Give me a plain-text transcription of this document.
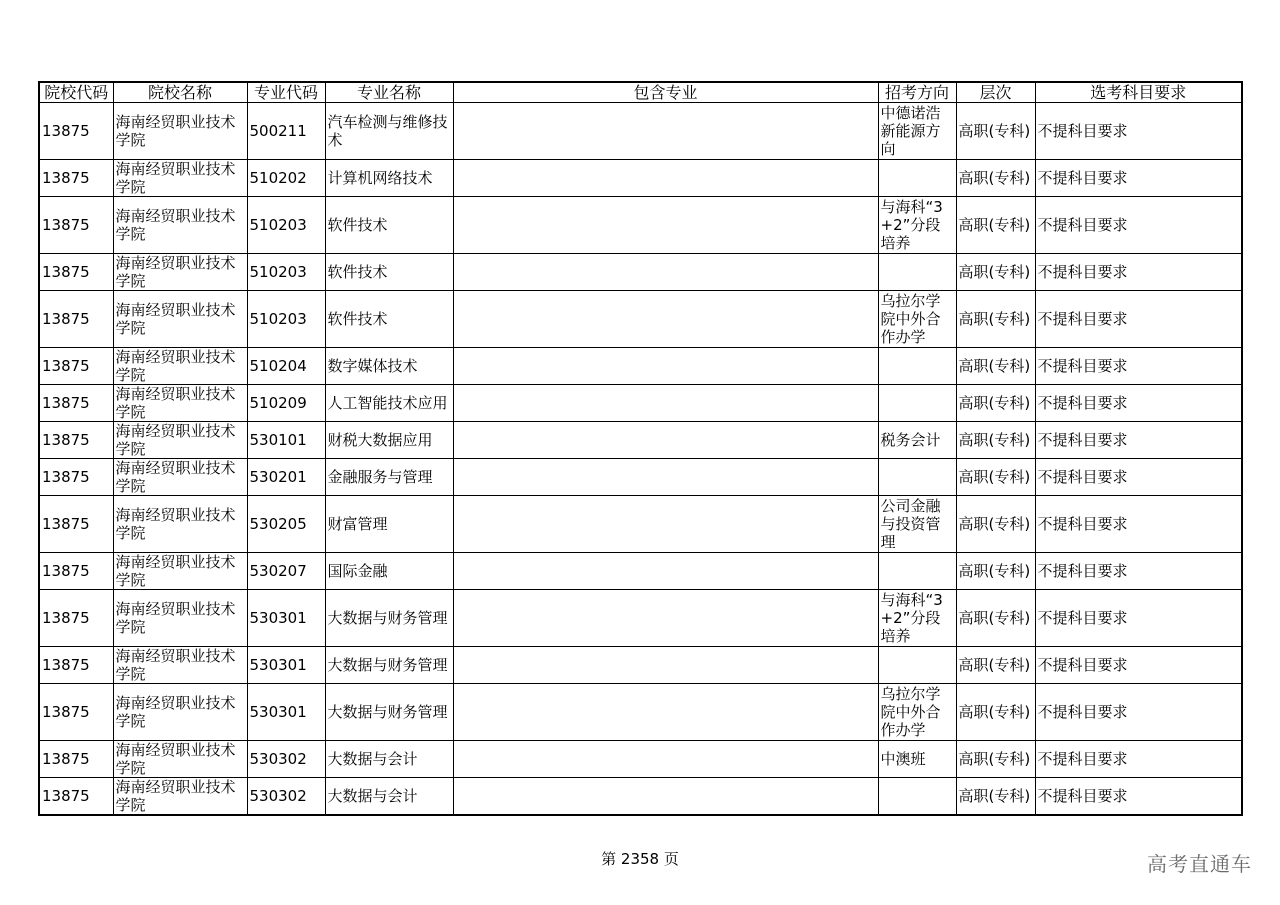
院校代码	院校名称	专业代码	专业名称	包含专业	招考方向	层次	选考科目要求
13875	海南经贸职业技术学院	500211	汽车检测与维修技术		中德诺浩新能源方向	高职(专科)	不提科目要求
13875	海南经贸职业技术学院	510202	计算机网络技术			高职(专科)	不提科目要求
13875	海南经贸职业技术学院	510203	软件技术		与海科“3+2”分段培养	高职(专科)	不提科目要求
13875	海南经贸职业技术学院	510203	软件技术			高职(专科)	不提科目要求
13875	海南经贸职业技术学院	510203	软件技术		乌拉尔学院中外合作办学	高职(专科)	不提科目要求
13875	海南经贸职业技术学院	510204	数字媒体技术			高职(专科)	不提科目要求
13875	海南经贸职业技术学院	510209	人工智能技术应用			高职(专科)	不提科目要求
13875	海南经贸职业技术学院	530101	财税大数据应用		税务会计	高职(专科)	不提科目要求
13875	海南经贸职业技术学院	530201	金融服务与管理			高职(专科)	不提科目要求
13875	海南经贸职业技术学院	530205	财富管理		公司金融与投资管理	高职(专科)	不提科目要求
13875	海南经贸职业技术学院	530207	国际金融			高职(专科)	不提科目要求
13875	海南经贸职业技术学院	530301	大数据与财务管理		与海科“3+2”分段培养	高职(专科)	不提科目要求
13875	海南经贸职业技术学院	530301	大数据与财务管理			高职(专科)	不提科目要求
13875	海南经贸职业技术学院	530301	大数据与财务管理		乌拉尔学院中外合作办学	高职(专科)	不提科目要求
13875	海南经贸职业技术学院	530302	大数据与会计		中澳班	高职(专科)	不提科目要求
13875	海南经贸职业技术学院	530302	大数据与会计			高职(专科)	不提科目要求
第 2358 页	高考直通车
